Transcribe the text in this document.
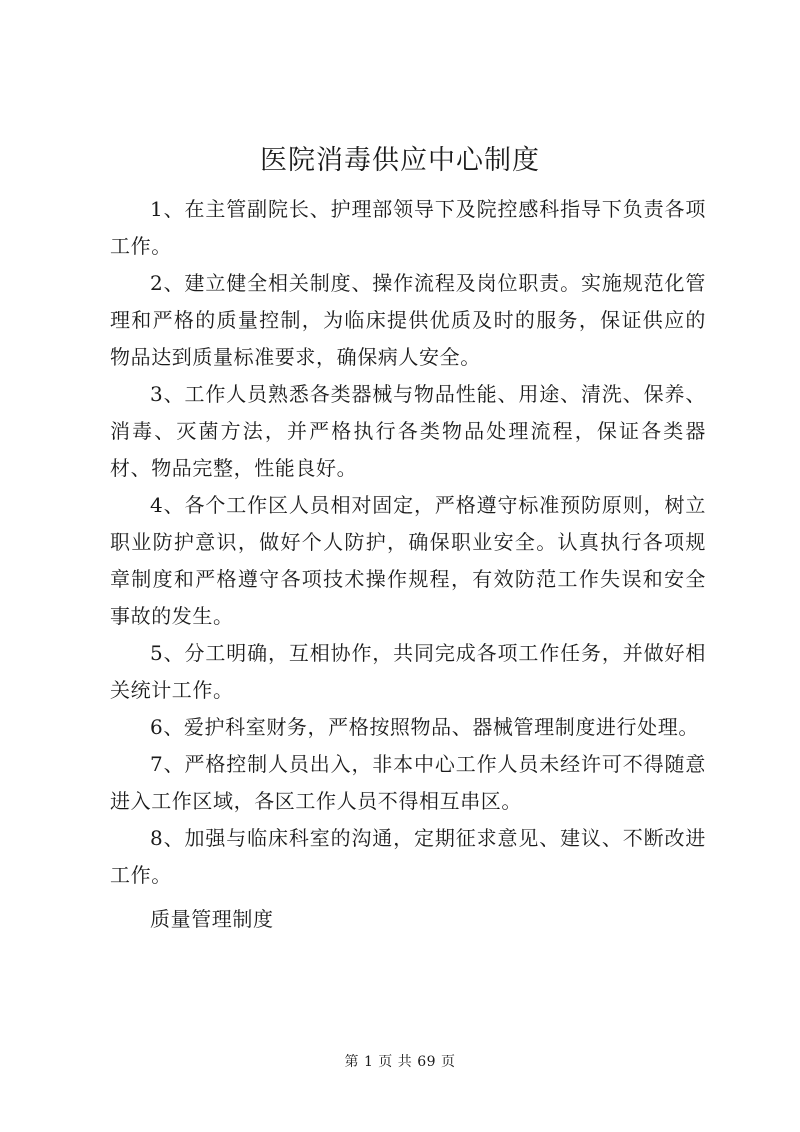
医院消毒供应中心制度

1、在主管副院长、护理部领导下及院控感科指导下负责各项工作。

2、建立健全相关制度、操作流程及岗位职责。实施规范化管理和严格的质量控制，为临床提供优质及时的服务，保证供应的物品达到质量标准要求，确保病人安全。

3、工作人员熟悉各类器械与物品性能、用途、清洗、保养、消毒、灭菌方法，并严格执行各类物品处理流程，保证各类器材、物品完整，性能良好。

4、各个工作区人员相对固定，严格遵守标准预防原则，树立职业防护意识，做好个人防护，确保职业安全。认真执行各项规章制度和严格遵守各项技术操作规程，有效防范工作失误和安全事故的发生。

5、分工明确，互相协作，共同完成各项工作任务，并做好相关统计工作。

6、爱护科室财务，严格按照物品、器械管理制度进行处理。

7、严格控制人员出入，非本中心工作人员未经许可不得随意进入工作区域，各区工作人员不得相互串区。

8、加强与临床科室的沟通，定期征求意见、建议、不断改进工作。

质量管理制度

第 1 页 共 69 页
